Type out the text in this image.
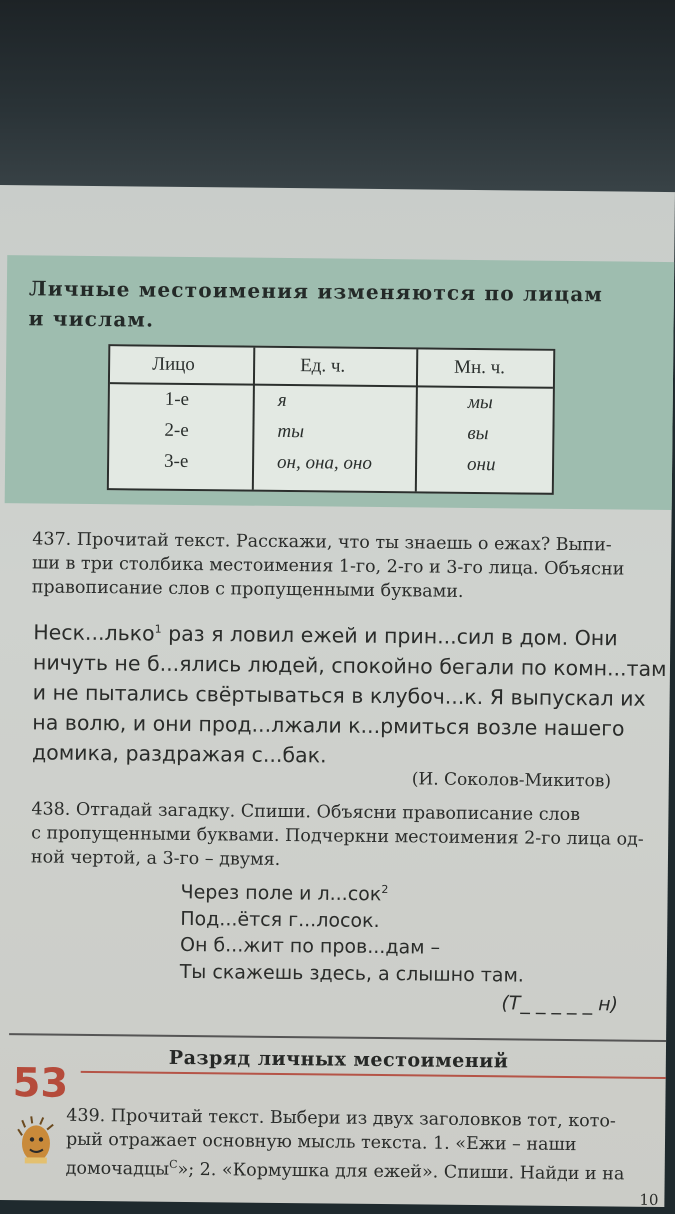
Личные местоимения изменяются по лицам
и числам.
Лицо	Ед. ч.	Мн. ч.
1-е	я	мы
2-е	ты	вы
3-е	он, она, оно	они
437. Прочитай текст. Расскажи, что ты знаешь о ежах? Выпи-
ши в три столбика местоимения 1-го, 2-го и 3-го лица. Объясни
правописание слов с пропущенными буквами.
Неск...лько$^1$ раз я ловил ежей и прин...сил в дом. Они
ничуть не б...ялись людей, спокойно бегали по комн...там
и не пытались свёртываться в клубоч...к. Я выпускал их
на волю, и они прод...лжали к...рмиться возле нашего
домика, раздражая с...бак.
(И. Соколов-Микитов)
438. Отгадай загадку. Спиши. Объясни правописание слов
с пропущенными буквами. Подчеркни местоимения 2-го лица од-
ной чертой, а 3-го – двумя.
Через поле и л...сок$^2$
Под...ётся г...лосок.
Он б...жит по пров...дам –
Ты скажешь здесь, а слышно там.
(Т_ _ _ _ _ н)
53
Разряд личных местоимений
439. Прочитай текст. Выбери из двух заголовков тот, кото-
рый отражает основную мысль текста. 1. «Ежи – наши
домочадцы$^С$»; 2. «Кормушка для ежей». Спиши. Найди и на
10
